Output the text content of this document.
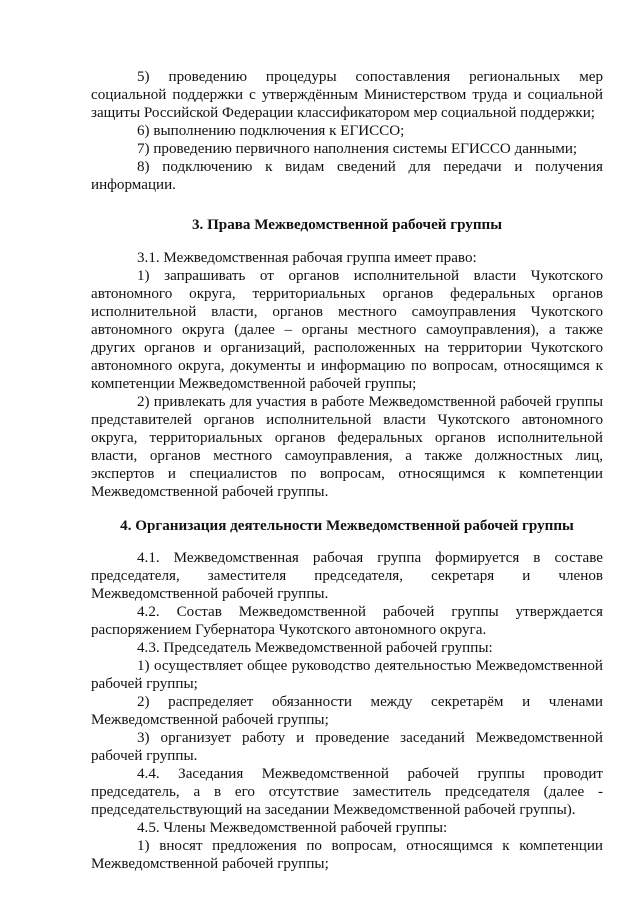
5) проведению процедуры сопоставления региональных мер социальной поддержки с утверждённым Министерством труда и социальной защиты Российской Федерации классификатором мер социальной поддержки;

6) выполнению подключения к ЕГИССО;

7) проведению первичного наполнения системы ЕГИССО данными;

8) подключению к видам сведений для передачи и получения информации.

3. Права Межведомственной рабочей группы

3.1. Межведомственная рабочая группа имеет право:

1) запрашивать от органов исполнительной власти Чукотского автономного округа, территориальных органов федеральных органов исполнительной власти, органов местного самоуправления Чукотского автономного округа (далее – органы местного самоуправления), а также других органов и организаций, расположенных на территории Чукотского автономного округа, документы и информацию по вопросам, относящимся к компетенции Межведомственной рабочей группы;

2) привлекать для участия в работе Межведомственной рабочей группы представителей органов исполнительной власти Чукотского автономного округа, территориальных органов федеральных органов исполнительной власти, органов местного самоуправления, а также должностных лиц, экспертов и специалистов по вопросам, относящимся к компетенции Межведомственной рабочей группы.

4. Организация деятельности Межведомственной рабочей группы

4.1. Межведомственная рабочая группа формируется в составе председателя, заместителя председателя, секретаря и членов Межведомственной рабочей группы.

4.2. Состав Межведомственной рабочей группы утверждается распоряжением Губернатора Чукотского автономного округа.

4.3. Председатель Межведомственной рабочей группы:

1) осуществляет общее руководство деятельностью Межведомственной рабочей группы;

2) распределяет обязанности между секретарём и членами Межведомственной рабочей группы;

3) организует работу и проведение заседаний Межведомственной рабочей группы.

4.4. Заседания Межведомственной рабочей группы проводит председатель, а в его отсутствие заместитель председателя (далее - председательствующий на заседании Межведомственной рабочей группы).

4.5. Члены Межведомственной рабочей группы:

1) вносят предложения по вопросам, относящимся к компетенции Межведомственной рабочей группы;
